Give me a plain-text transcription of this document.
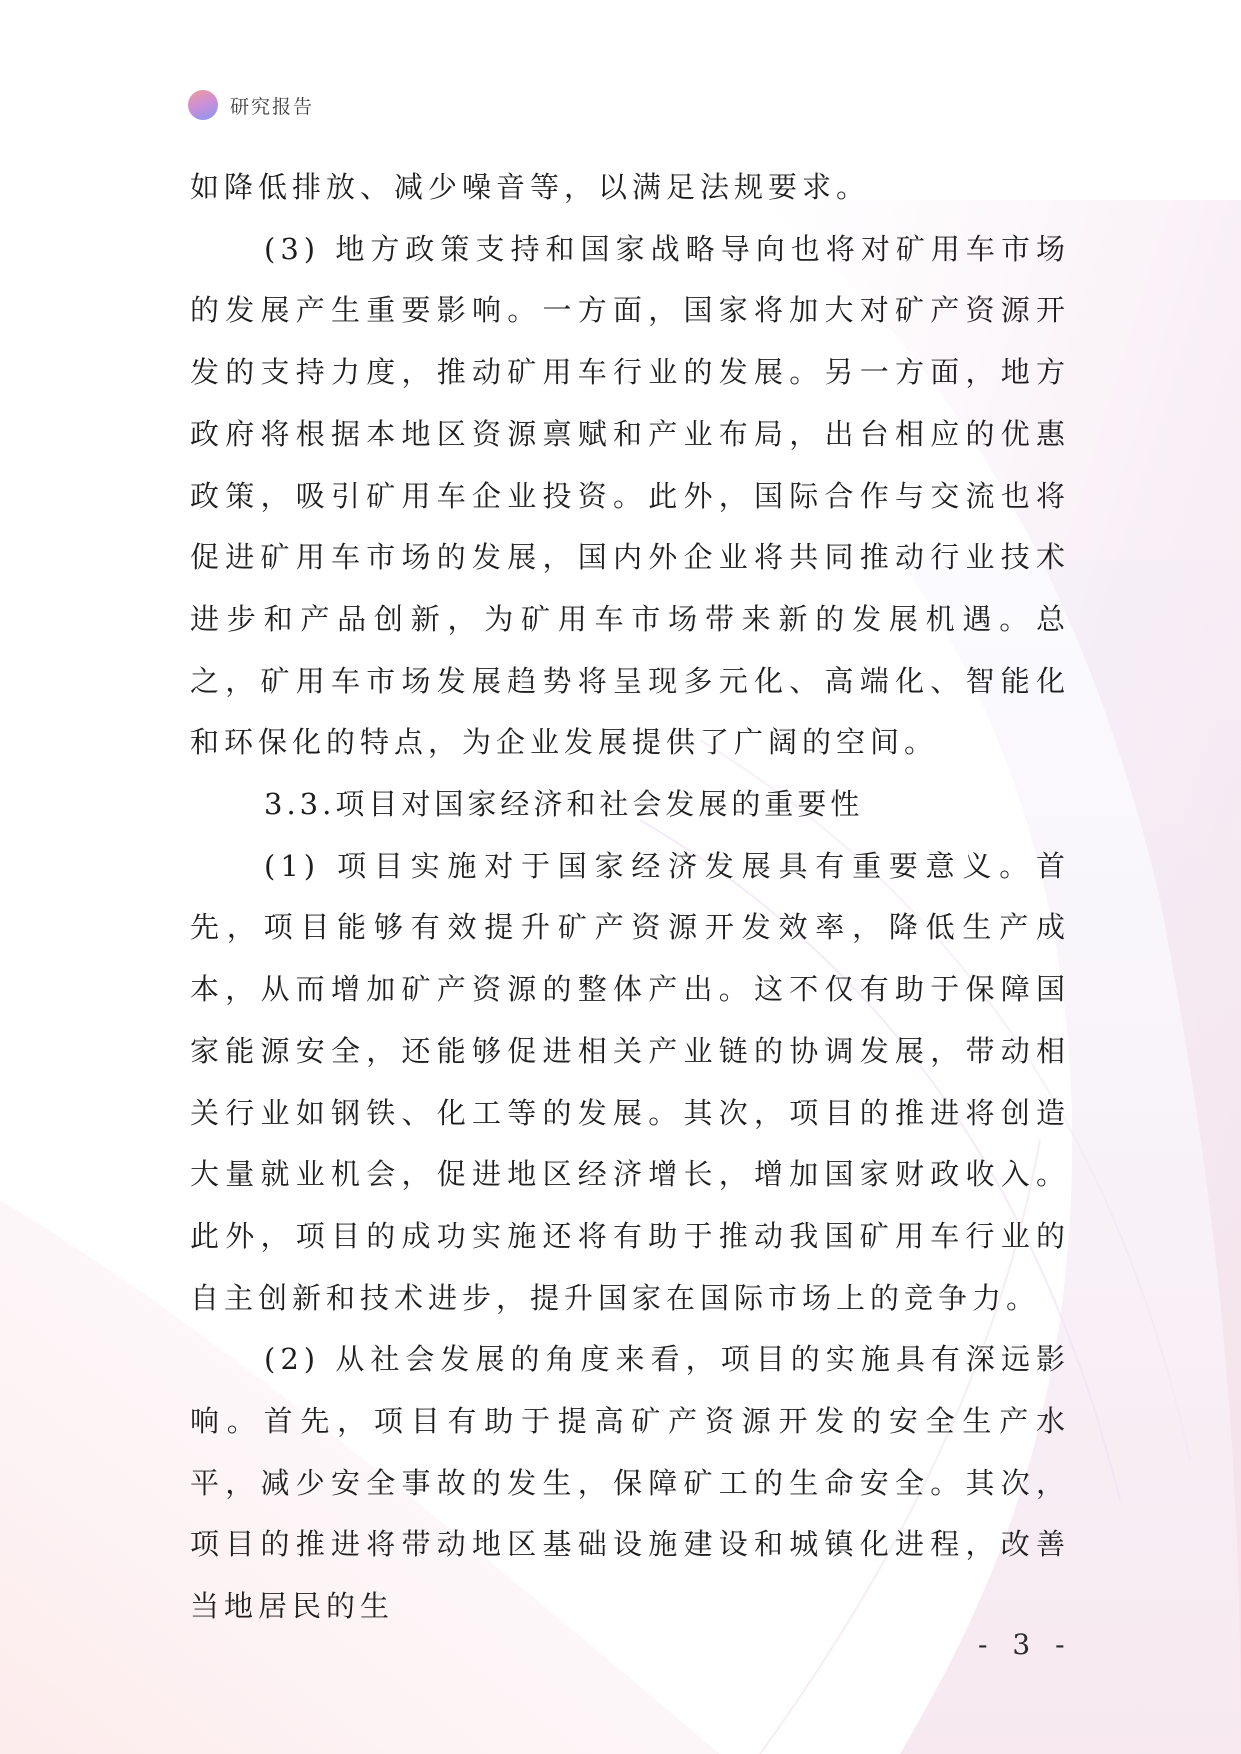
研究报告

如降低排放、减少噪音等，以满足法规要求。

(3) 地方政策支持和国家战略导向也将对矿用车市场的发展产生重要影响。一方面，国家将加大对矿产资源开发的支持力度，推动矿用车行业的发展。另一方面，地方政府将根据本地区资源禀赋和产业布局，出台相应的优惠政策，吸引矿用车企业投资。此外，国际合作与交流也将促进矿用车市场的发展，国内外企业将共同推动行业技术进步和产品创新，为矿用车市场带来新的发展机遇。总之，矿用车市场发展趋势将呈现多元化、高端化、智能化和环保化的特点，为企业发展提供了广阔的空间。

3.3.项目对国家经济和社会发展的重要性

(1) 项目实施对于国家经济发展具有重要意义。首先，项目能够有效提升矿产资源开发效率，降低生产成本，从而增加矿产资源的整体产出。这不仅有助于保障国家能源安全，还能够促进相关产业链的协调发展，带动相关行业如钢铁、化工等的发展。其次，项目的推进将创造大量就业机会，促进地区经济增长，增加国家财政收入。此外，项目的成功实施还将有助于推动我国矿用车行业的自主创新和技术进步，提升国家在国际市场上的竞争力。

(2) 从社会发展的角度来看，项目的实施具有深远影响。首先，项目有助于提高矿产资源开发的安全生产水平，减少安全事故的发生，保障矿工的生命安全。其次，项目的推进将带动地区基础设施建设和城镇化进程，改善当地居民的生

- 3 -
